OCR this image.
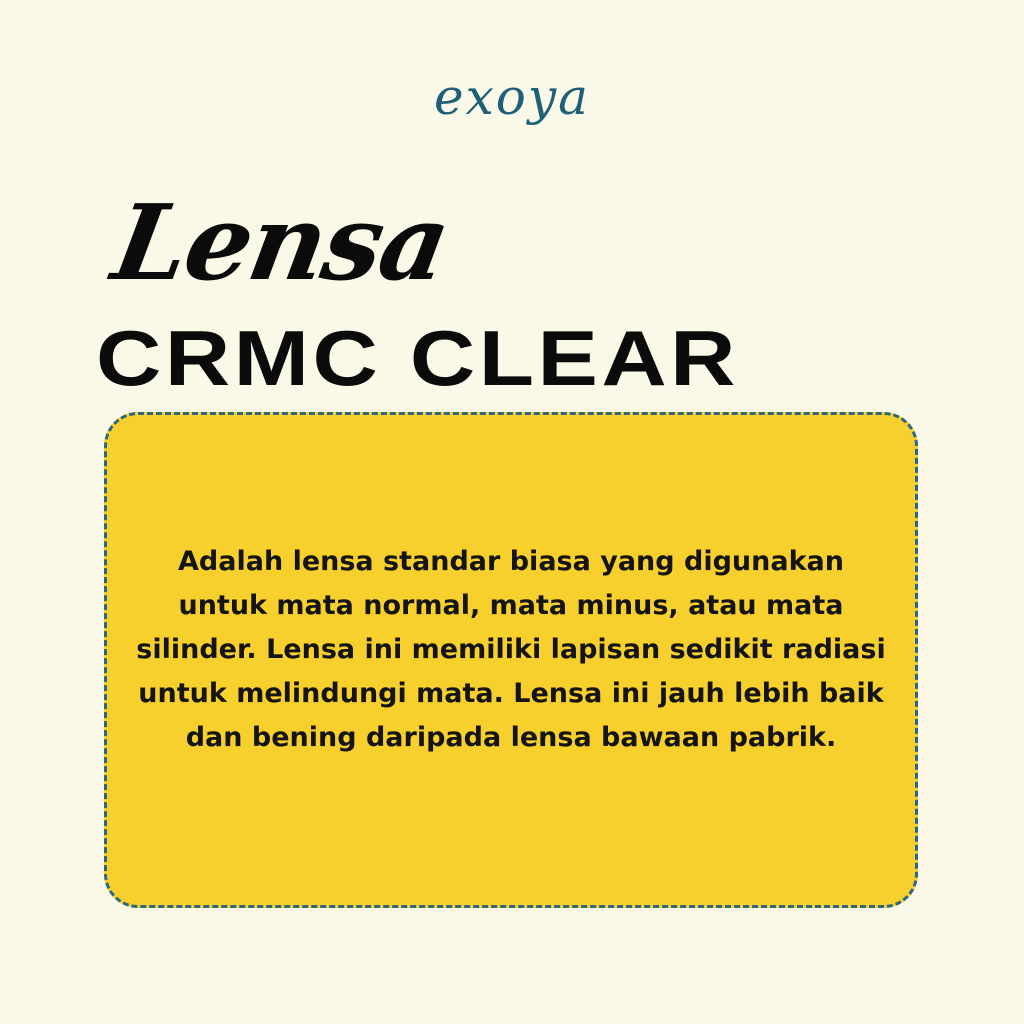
exoya
Lensa
CRMC CLEAR
Adalah lensa standar biasa yang digunakan untuk mata normal, mata minus, atau mata silinder. Lensa ini memiliki lapisan sedikit radiasi untuk melindungi mata. Lensa ini jauh lebih baik dan bening daripada lensa bawaan pabrik.
